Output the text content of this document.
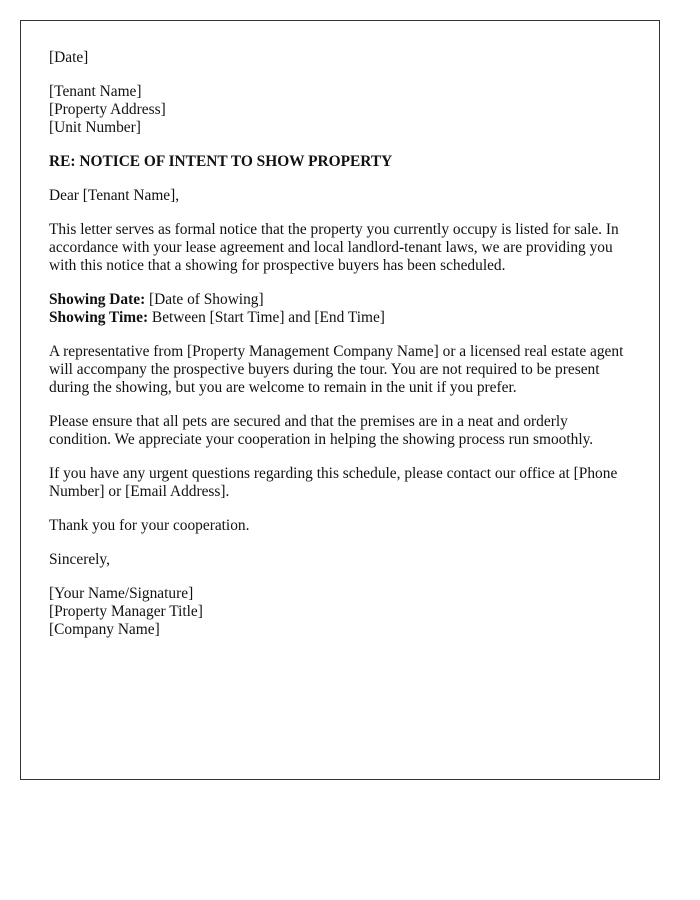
[Date]

[Tenant Name]
[Property Address]
[Unit Number]

RE: NOTICE OF INTENT TO SHOW PROPERTY

Dear [Tenant Name],

This letter serves as formal notice that the property you currently occupy is listed for sale. In accordance with your lease agreement and local landlord-tenant laws, we are providing you with this notice that a showing for prospective buyers has been scheduled.

Showing Date: [Date of Showing]
Showing Time: Between [Start Time] and [End Time]

A representative from [Property Management Company Name] or a licensed real estate agent will accompany the prospective buyers during the tour. You are not required to be present during the showing, but you are welcome to remain in the unit if you prefer.

Please ensure that all pets are secured and that the premises are in a neat and orderly condition. We appreciate your cooperation in helping the showing process run smoothly.

If you have any urgent questions regarding this schedule, please contact our office at [Phone Number] or [Email Address].

Thank you for your cooperation.

Sincerely,

[Your Name/Signature]
[Property Manager Title]
[Company Name]
